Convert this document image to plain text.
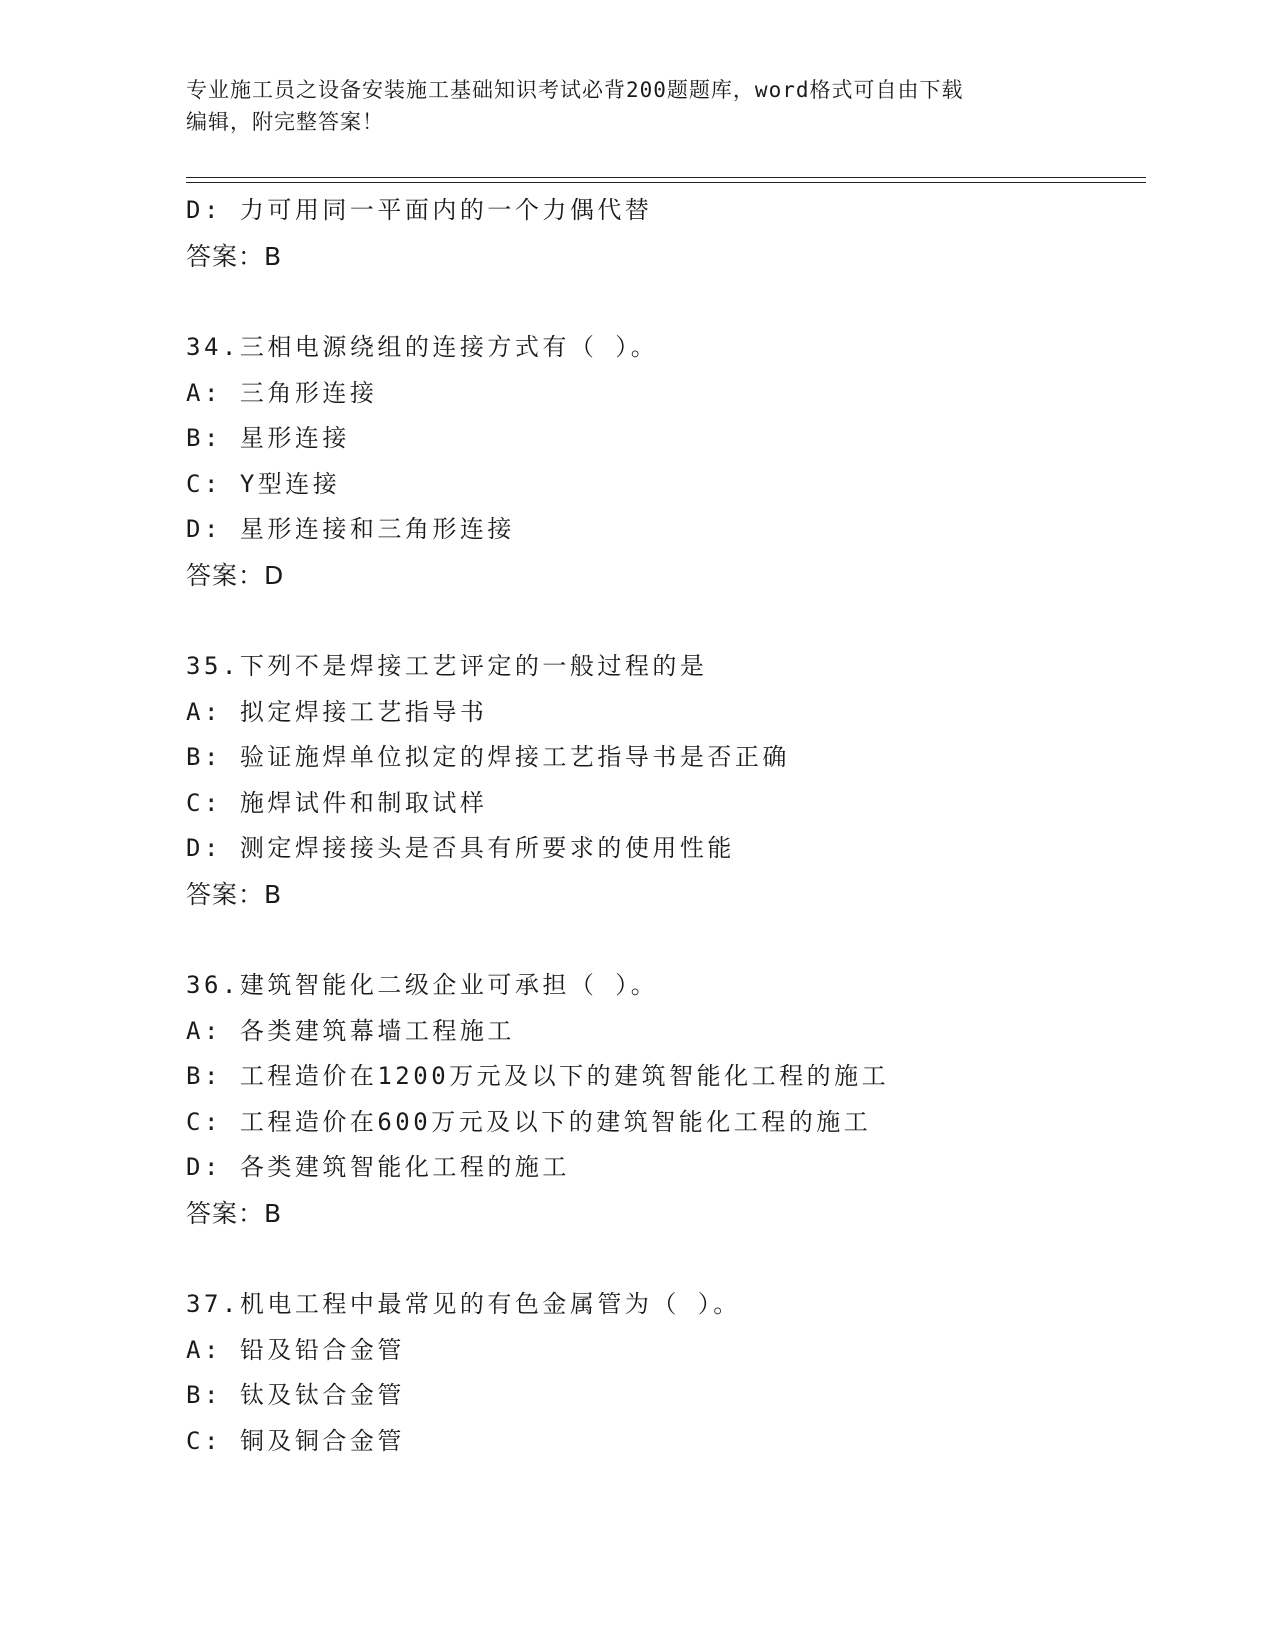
专业施工员之设备安装施工基础知识考试必背200题题库，word格式可自由下载
编辑，附完整答案！
D: 力可用同一平面内的一个力偶代替
答案：B
34.三相电源绕组的连接方式有（ ）。
A: 三角形连接
B: 星形连接
C: Y型连接
D: 星形连接和三角形连接
答案：D
35.下列不是焊接工艺评定的一般过程的是
A: 拟定焊接工艺指导书
B: 验证施焊单位拟定的焊接工艺指导书是否正确
C: 施焊试件和制取试样
D: 测定焊接接头是否具有所要求的使用性能
答案：B
36.建筑智能化二级企业可承担（ ）。
A: 各类建筑幕墙工程施工
B: 工程造价在1200万元及以下的建筑智能化工程的施工
C: 工程造价在600万元及以下的建筑智能化工程的施工
D: 各类建筑智能化工程的施工
答案：B
37.机电工程中最常见的有色金属管为（ ）。
A: 铅及铅合金管
B: 钛及钛合金管
C: 铜及铜合金管
